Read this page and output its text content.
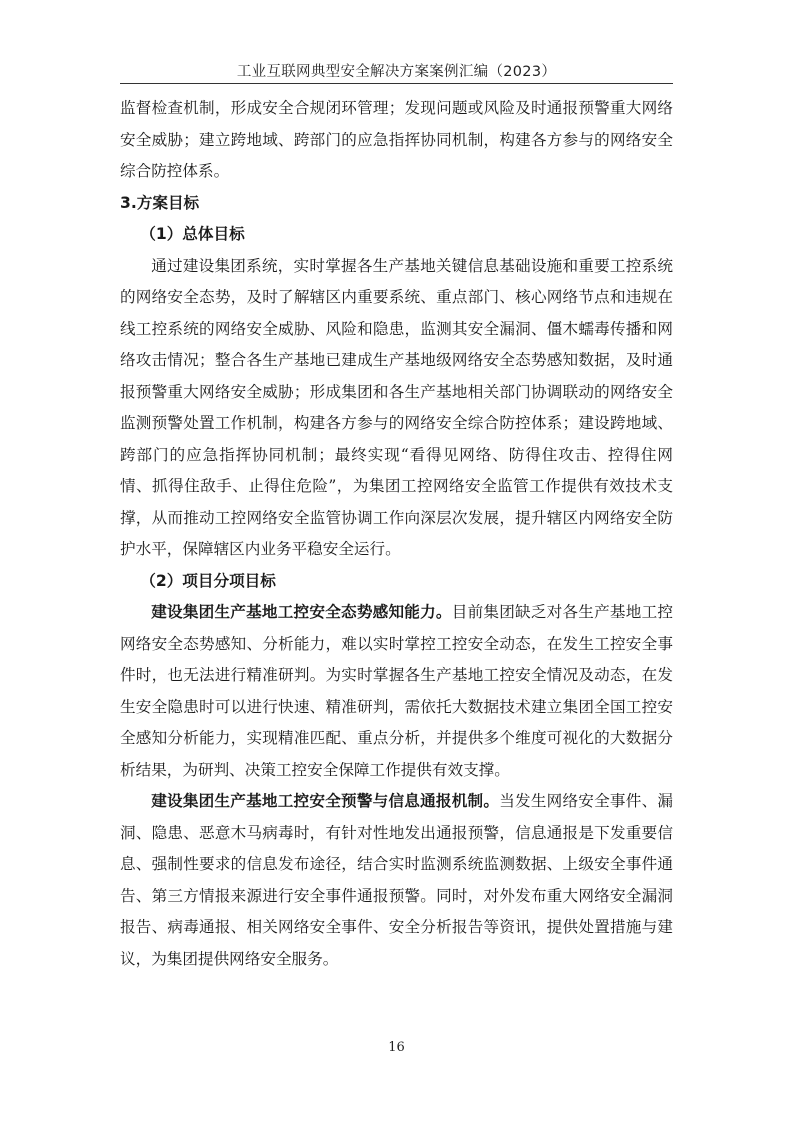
工业互联网典型安全解决方案案例汇编（2023）

监督检查机制，形成安全合规闭环管理；发现问题或风险及时通报预警重大网络安全威胁；建立跨地域、跨部门的应急指挥协同机制，构建各方参与的网络安全综合防控体系。

3.方案目标

（1）总体目标

通过建设集团系统，实时掌握各生产基地关键信息基础设施和重要工控系统的网络安全态势，及时了解辖区内重要系统、重点部门、核心网络节点和违规在线工控系统的网络安全威胁、风险和隐患，监测其安全漏洞、僵木蠕毒传播和网络攻击情况；整合各生产基地已建成生产基地级网络安全态势感知数据，及时通报预警重大网络安全威胁；形成集团和各生产基地相关部门协调联动的网络安全监测预警处置工作机制，构建各方参与的网络安全综合防控体系；建设跨地域、跨部门的应急指挥协同机制；最终实现“看得见网络、防得住攻击、控得住网情、抓得住敌手、止得住危险”，为集团工控网络安全监管工作提供有效技术支撑，从而推动工控网络安全监管协调工作向深层次发展，提升辖区内网络安全防护水平，保障辖区内业务平稳安全运行。

（2）项目分项目标

建设集团生产基地工控安全态势感知能力。目前集团缺乏对各生产基地工控网络安全态势感知、分析能力，难以实时掌控工控安全动态，在发生工控安全事件时，也无法进行精准研判。为实时掌握各生产基地工控安全情况及动态，在发生安全隐患时可以进行快速、精准研判，需依托大数据技术建立集团全国工控安全感知分析能力，实现精准匹配、重点分析，并提供多个维度可视化的大数据分析结果，为研判、决策工控安全保障工作提供有效支撑。

建设集团生产基地工控安全预警与信息通报机制。当发生网络安全事件、漏洞、隐患、恶意木马病毒时，有针对性地发出通报预警，信息通报是下发重要信息、强制性要求的信息发布途径，结合实时监测系统监测数据、上级安全事件通告、第三方情报来源进行安全事件通报预警。同时，对外发布重大网络安全漏洞报告、病毒通报、相关网络安全事件、安全分析报告等资讯，提供处置措施与建议，为集团提供网络安全服务。

16
